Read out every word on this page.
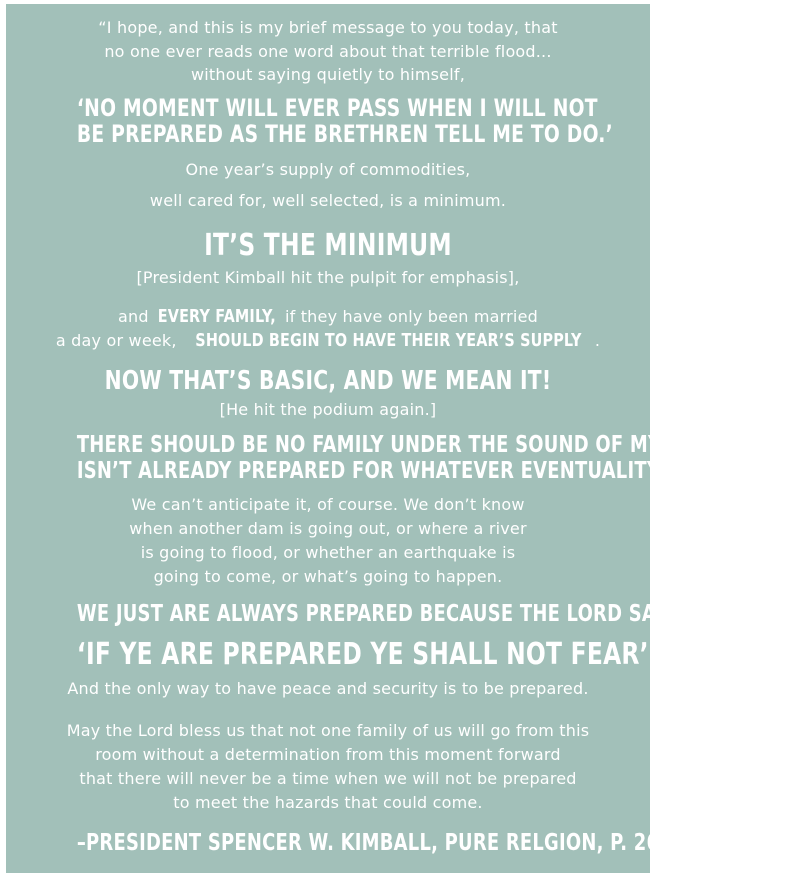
“I hope, and this is my brief message to you today, that
no one ever reads one word about that terrible flood...
without saying quietly to himself,
‘NO MOMENT WILL EVER PASS WHEN I WILL NOT
BE PREPARED AS THE BRETHREN TELL ME TO DO.’
One year’s supply of commodities,
well cared for, well selected, is a minimum.
IT’S THE MINIMUM
[President Kimball hit the pulpit for emphasis],
and EVERY FAMILY, if they have only been married
a day or week, SHOULD BEGIN TO HAVE THEIR YEAR’S SUPPLY .
NOW THAT’S BASIC, AND WE MEAN IT!
[He hit the podium again.]
THERE SHOULD BE NO FAMILY UNDER THE SOUND OF MY VOICE WHO
ISN’T ALREADY PREPARED FOR WHATEVER EVENTUALITY MAY COME.
We can’t anticipate it, of course. We don’t know
when another dam is going out, or where a river
is going to flood, or whether an earthquake is
going to come, or what’s going to happen.
WE JUST ARE ALWAYS PREPARED BECAUSE THE LORD SAID,
‘IF YE ARE PREPARED YE SHALL NOT FEAR’.
And the only way to have peace and security is to be prepared.
May the Lord bless us that not one family of us will go from this
room without a determination from this moment forward
that there will never be a time when we will not be prepared
to meet the hazards that could come.
–PRESIDENT SPENCER W. KIMBALL, PURE RELGION, P. 267
